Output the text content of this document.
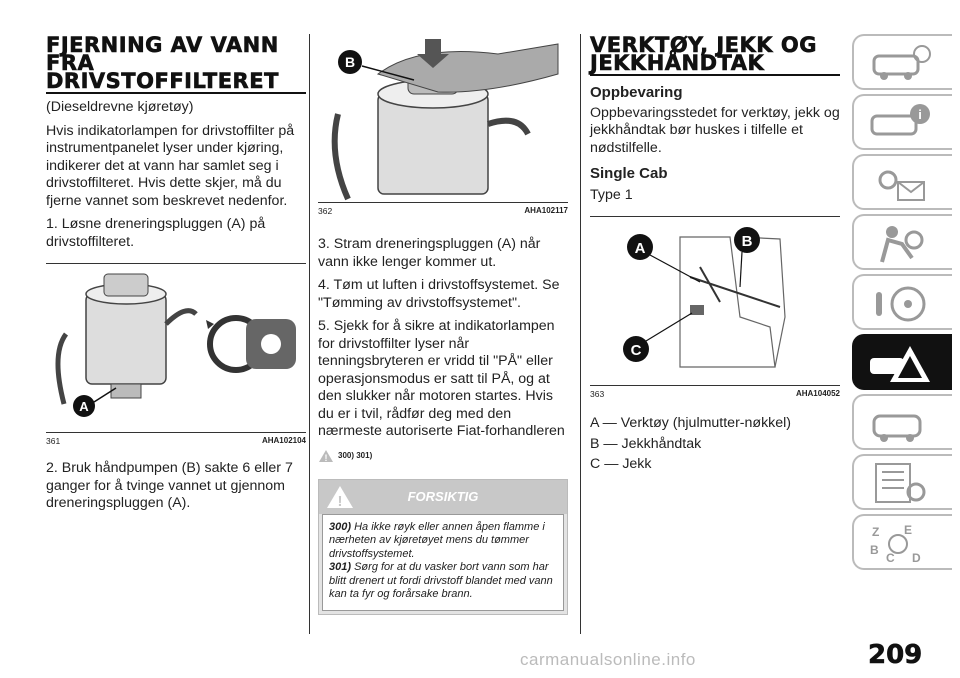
FJERNING AV VANN FRA DRIVSTOFFILTERET

(Dieseldrevne kjøretøy)

Hvis indikatorlampen for drivstoffilter på instrumentpanelet lyser under kjøring, indikerer det at vann har samlet seg i drivstoffilteret. Hvis dette skjer, må du fjerne vannet som beskrevet nedenfor.

1. Løsne dreneringspluggen (A) på drivstoffilteret.

A
361	AHA102104

2. Bruk håndpumpen (B) sakte 6 eller 7 ganger for å tvinge vannet ut gjennom dreneringspluggen (A).

B
362	AHA102117

3. Stram dreneringspluggen (A) når vann ikke lenger kommer ut.

4. Tøm ut luften i drivstoffsystemet. Se "Tømming av drivstoffsystemet".

5. Sjekk for å sikre at indikatorlampen for drivstoffilter lyser når tenningsbryteren er vridd til "PÅ" eller operasjonsmodus er satt til PÅ, og at den slukker når motoren startes. Hvis du er i tvil, rådfør deg med den nærmeste autoriserte Fiat-forhandleren

! 300) 301)
!	FORSIKTIG
300) Ha ikke røyk eller annen åpen flamme i nærheten av kjøretøyet mens du tømmer drivstoffsystemet.
301) Sørg for at du vasker bort vann som har blitt drenert ut fordi drivstoff blandet med vann kan ta fyr og forårsake brann.
VERKTØY, JEKK OG JEKKHÅNDTAK

Oppbevaring

Oppbevaringsstedet for verktøy, jekk og jekkhåndtak bør huskes i tilfelle et nødstilfelle.

Single Cab

Type 1

A	B
C
363	AHA104052

A — Verktøy (hjulmutter-nøkkel)

B — Jekkhåndtak

C — Jekk

i
Z E
B
C D
209
carmanualsonline.info
